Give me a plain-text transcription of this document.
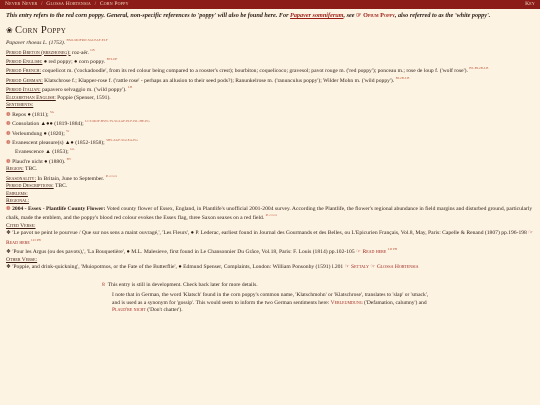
Never Never / Glossa Hortensia / Corn Poppy	Key

This entry refers to the red corn poppy. General, non-specific references to 'poppy' will also be found here. For Papaver somniferum, see ☞ Opium Poppy, also referred to as the 'white poppy'.

❀ Corn Poppy

Papaver rhoeas L. (1753). $^{BSO-MOFRW-SGLEAF-ELF}$

Period Breton (brezhoneg): roz-aër. $^{LB}$

Period English: ● red poppy; ● corn poppy. $^{BTLOF}$

Period French: coquelicot m. ('cockadoodle', from its red colour being compared to a rooster's crest); bourbiton; coquelicoco; gravesol; pavot rouge m. ('red poppy'); ponceau m.; rose de loup f. ('wolf rose'). $^{BS-BL2B-LB}$

Period German: Klatschrose f.; Klapper-rose f. ('rattle rose' - perhaps an allusion to their seed pods?); Ranunkelrose m. ('ranunculus poppy'); Wilder Mohn m. ('wild poppy'). $^{BL2B-LB}$

Period Italian: papavero selvaggio m. ('wild poppy'). $^{LB}$

Elizabethan English: Poppie (Spenser, 1591).

Sentiments:

❁ Repos ● (1811); $^{SG}$

❁ Consolation ▲●● (1819-1884); $^{LCT-MOF-BSW-TS-SGLAF-ELF-ISL-HE-EG}$

❁ Verleumdung ● (1820); $^W$

❁ Evanescent pleasure(s) ▲● (1852-1858); $^{SBS-AGF-SGLEA-EG}$

Evanescence ▲ (1853); $^{GL}$

❁ Plaud're nicht ● (1880). $^{BV}$

Region: TBC.

Seasonality: In Britain, June to September. $^{Plantlife}$

Period Descriptions: TBC.

Emblems:

Regional:

❁ 2004 - Essex - Plantlife County Flower: Voted county flower of Essex, England, in Plantlife's unofficial 2001-2004 survey. According the Plantlife, the flower's regional abundance in field margins and disturbed ground, particularly chalk, made the emblem, and the poppy's blood red colour evokes the Essex flag, three Saxon seaxes on a red field. $^{Plantlife}$

Cited Verse:

❖ 'Le pavot ne peint le pourvue / Que sur nos sens a maint ouvragé,', 'Les Fleurs', ● P. Lederac, earliest found in Journal des Gourmands et des Belles, ou L'Epicurien Français, Vol.8, May, Paris: Capelle & Renand (1807) pp.196-198 ☞ Read here $^{LD PB}$

❖ 'Pour les Argus (ou des pavots),', 'La Bouquetière', ● M.L. Malesieve, first found in Le Chansonnier Du Grâce, Vol.18, Paris: F. Louis (1814) pp.102-105 ☞ Read here $^{LD PB}$

Other Verse:

❖ 'Poppie, and drink-quickning', 'Muiopotmos, or the Fate of the Butterflie', ● Edmund Spenser, Complaints, London: William Ponsonby (1591) l.201 ☞ Settaly ☞ Glossa Hortensia

8 This entry is still in development. Check back later for more details.

I note that in German, the word 'Klatsch' found in the corn poppy's common name, 'Klatschmohn' or 'Klatschrose', translates to 'slap' or 'smack', and is used as a synonym for 'gossip'. This would seem to inform the two German sentiments here: Verleumdung ('Defamation, calumny') and Plaud're nicht ('Don't chatter').
